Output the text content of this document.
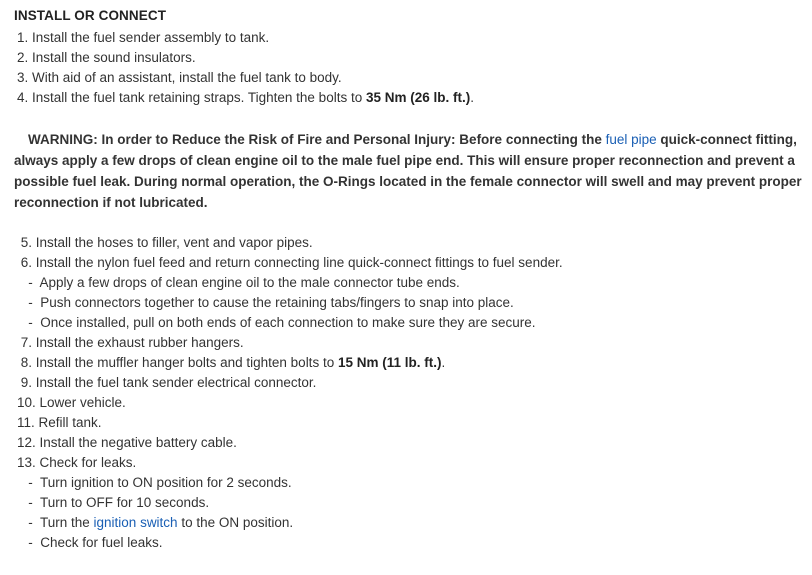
INSTALL OR CONNECT
1. Install the fuel sender assembly to tank.
2. Install the sound insulators.
3. With aid of an assistant, install the fuel tank to body.
4. Install the fuel tank retaining straps. Tighten the bolts to 35 Nm (26 lb. ft.).
WARNING: In order to Reduce the Risk of Fire and Personal Injury: Before connecting the fuel pipe quick-connect fitting, always apply a few drops of clean engine oil to the male fuel pipe end. This will ensure proper reconnection and prevent a possible fuel leak. During normal operation, the O-Rings located in the female connector will swell and may prevent proper reconnection if not lubricated.
5. Install the hoses to filler, vent and vapor pipes.
6. Install the nylon fuel feed and return connecting line quick-connect fittings to fuel sender.
-  Apply a few drops of clean engine oil to the male connector tube ends.
-  Push connectors together to cause the retaining tabs/fingers to snap into place.
-  Once installed, pull on both ends of each connection to make sure they are secure.
7. Install the exhaust rubber hangers.
8. Install the muffler hanger bolts and tighten bolts to 15 Nm (11 lb. ft.).
9. Install the fuel tank sender electrical connector.
10. Lower vehicle.
11. Refill tank.
12. Install the negative battery cable.
13. Check for leaks.
-  Turn ignition to ON position for 2 seconds.
-  Turn to OFF for 10 seconds.
-  Turn the ignition switch to the ON position.
-  Check for fuel leaks.
